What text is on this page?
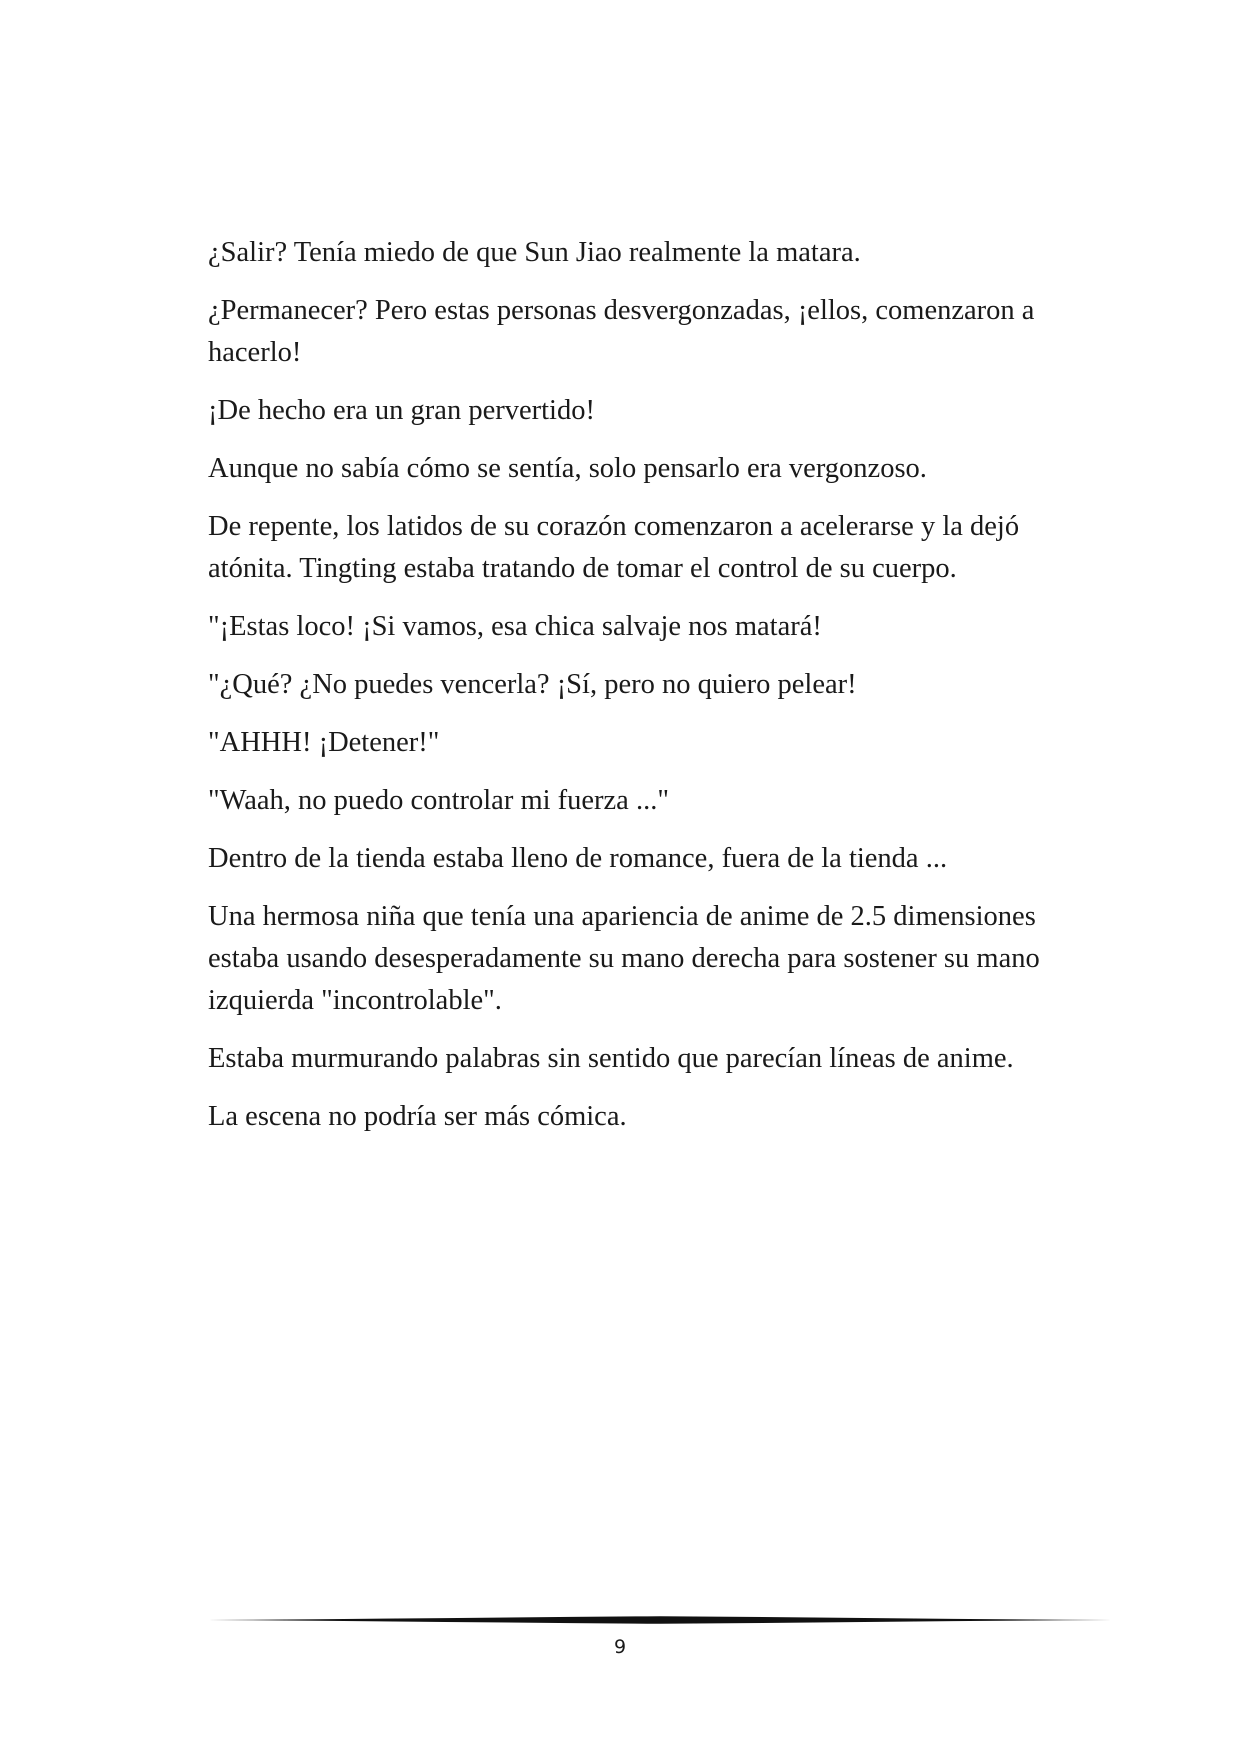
¿Salir? Tenía miedo de que Sun Jiao realmente la matara.

¿Permanecer? Pero estas personas desvergonzadas, ¡ellos, comenzaron a hacerlo!

¡De hecho era un gran pervertido!

Aunque no sabía cómo se sentía, solo pensarlo era vergonzoso.

De repente, los latidos de su corazón comenzaron a acelerarse y la dejó atónita. Tingting estaba tratando de tomar el control de su cuerpo.

"¡Estas loco! ¡Si vamos, esa chica salvaje nos matará!

"¿Qué? ¿No puedes vencerla? ¡Sí, pero no quiero pelear!

"AHHH! ¡Detener!"

"Waah, no puedo controlar mi fuerza ..."

Dentro de la tienda estaba lleno de romance, fuera de la tienda ...

Una hermosa niña que tenía una apariencia de anime de 2.5 dimensiones estaba usando desesperadamente su mano derecha para sostener su mano izquierda "incontrolable".

Estaba murmurando palabras sin sentido que parecían líneas de anime.

La escena no podría ser más cómica.

9
